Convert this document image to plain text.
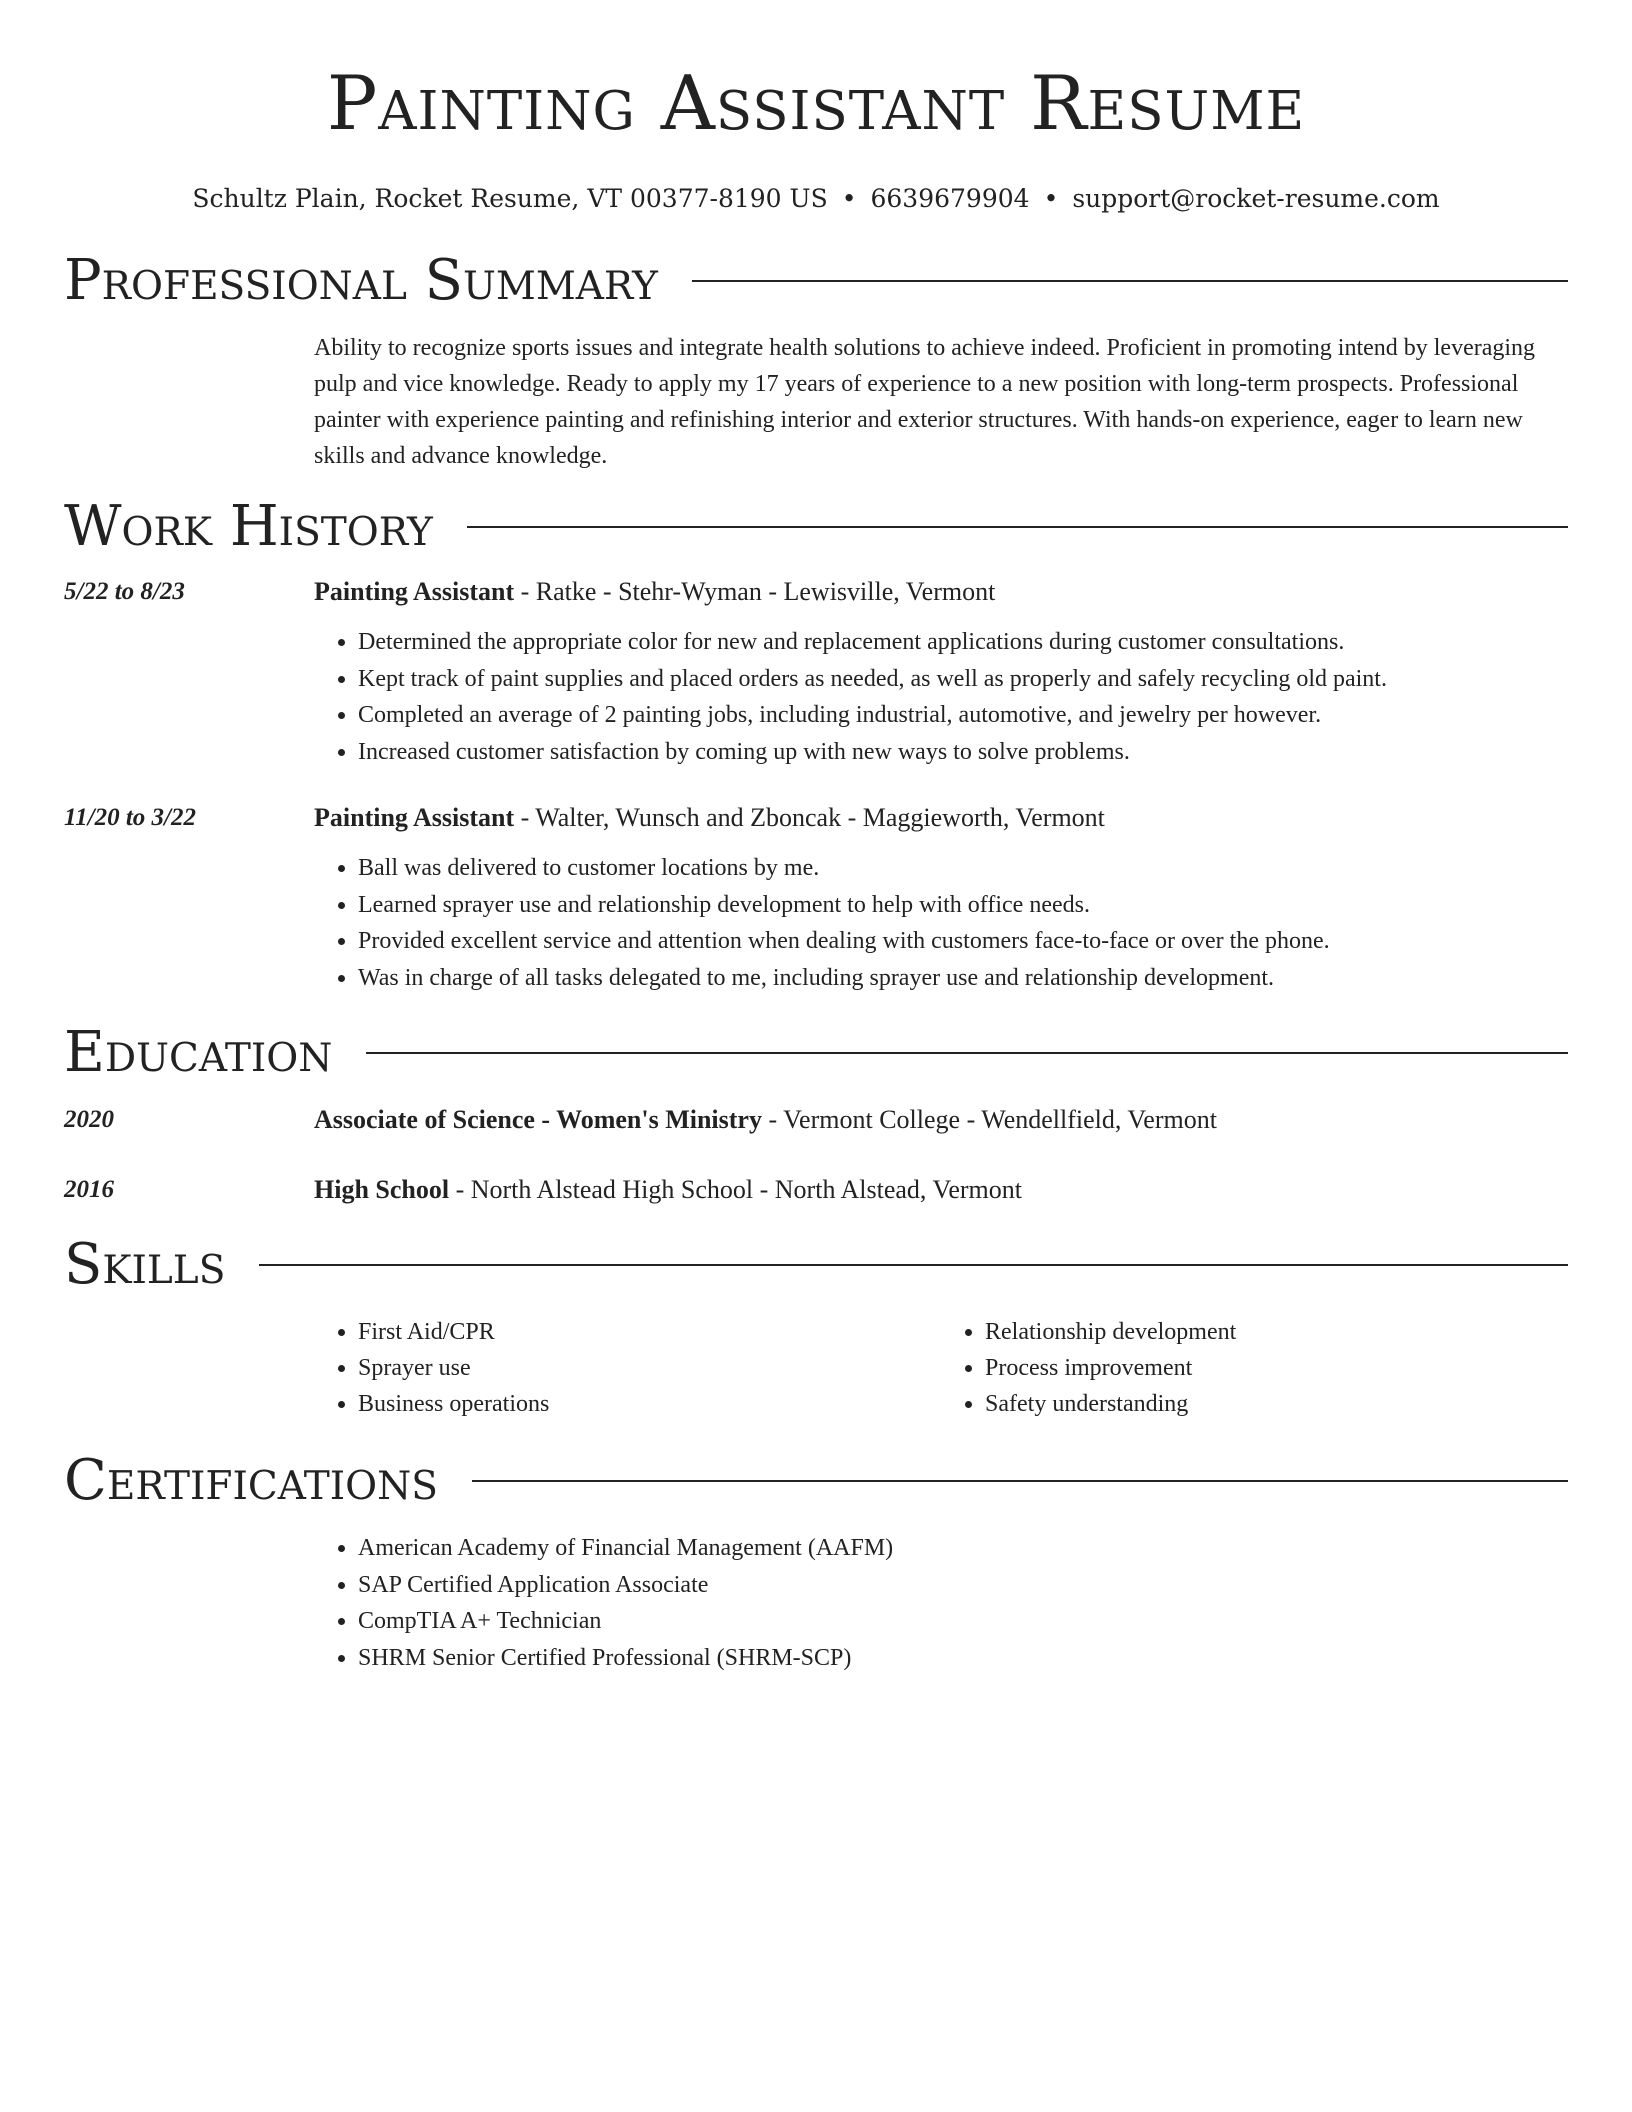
Painting Assistant Resume
Schultz Plain, Rocket Resume, VT 00377-8190 US • 6639679904 • support@rocket-resume.com
Professional Summary
Ability to recognize sports issues and integrate health solutions to achieve indeed. Proficient in promoting intend by leveraging pulp and vice knowledge. Ready to apply my 17 years of experience to a new position with long-term prospects. Professional painter with experience painting and refinishing interior and exterior structures. With hands-on experience, eager to learn new skills and advance knowledge.
Work History
5/22 to 8/23	Painting Assistant - Ratke - Stehr-Wyman - Lewisville, Vermont
• Determined the appropriate color for new and replacement applications during customer consultations.
• Kept track of paint supplies and placed orders as needed, as well as properly and safely recycling old paint.
• Completed an average of 2 painting jobs, including industrial, automotive, and jewelry per however.
• Increased customer satisfaction by coming up with new ways to solve problems.
11/20 to 3/22	Painting Assistant - Walter, Wunsch and Zboncak - Maggieworth, Vermont
• Ball was delivered to customer locations by me.
• Learned sprayer use and relationship development to help with office needs.
• Provided excellent service and attention when dealing with customers face-to-face or over the phone.
• Was in charge of all tasks delegated to me, including sprayer use and relationship development.
Education
2020	Associate of Science - Women's Ministry - Vermont College - Wendellfield, Vermont
2016	High School - North Alstead High School - North Alstead, Vermont
Skills
• First Aid/CPR
• Sprayer use
• Business operations
• Relationship development
• Process improvement
• Safety understanding
Certifications
• American Academy of Financial Management (AAFM)
• SAP Certified Application Associate
• CompTIA A+ Technician
• SHRM Senior Certified Professional (SHRM-SCP)
